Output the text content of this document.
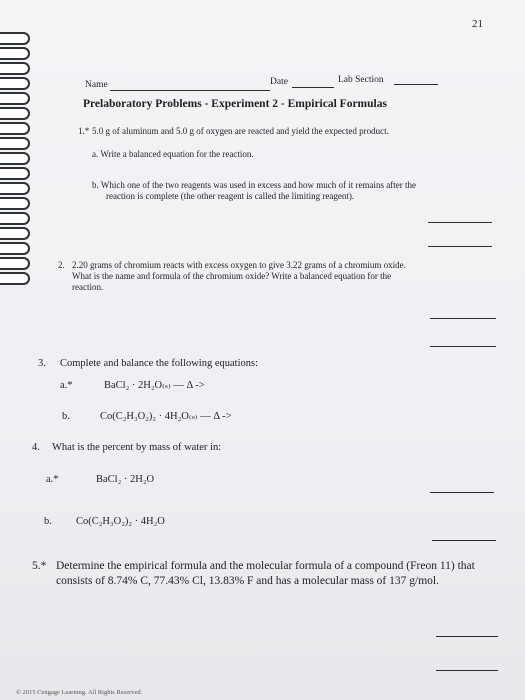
21
Name	Date	Lab Section
Prelaboratory Problems - Experiment 2 - Empirical Formulas
1.* 5.0 g of aluminum and 5.0 g of oxygen are reacted and yield the expected product.
a. Write a balanced equation for the reaction.
b. Which one of the two reagents was used in excess and how much of it remains after the
reaction is complete (the other reagent is called the limiting reagent).
2. 2.20 grams of chromium reacts with excess oxygen to give 3.22 grams of a chromium oxide.
What is the name and formula of the chromium oxide? Write a balanced equation for the
reaction.
3. Complete and balance the following equations:
a.*	BaCl₂ · 2H₂O₍ₛ₎ — Δ ->
b.	Co(C₂H₃O₂)₂ · 4H₂O₍ₛ₎ — Δ ->
4. What is the percent by mass of water in:
a.*	BaCl₂ · 2H₂O
b. Co(C₂H₃O₂)₂ · 4H₂O
5.* Determine the empirical formula and the molecular formula of a compound (Freon 11) that
consists of 8.74% C, 77.43% Cl, 13.83% F and has a molecular mass of 137 g/mol.
© 2015 Cengage Learning. All Rights Reserved.
